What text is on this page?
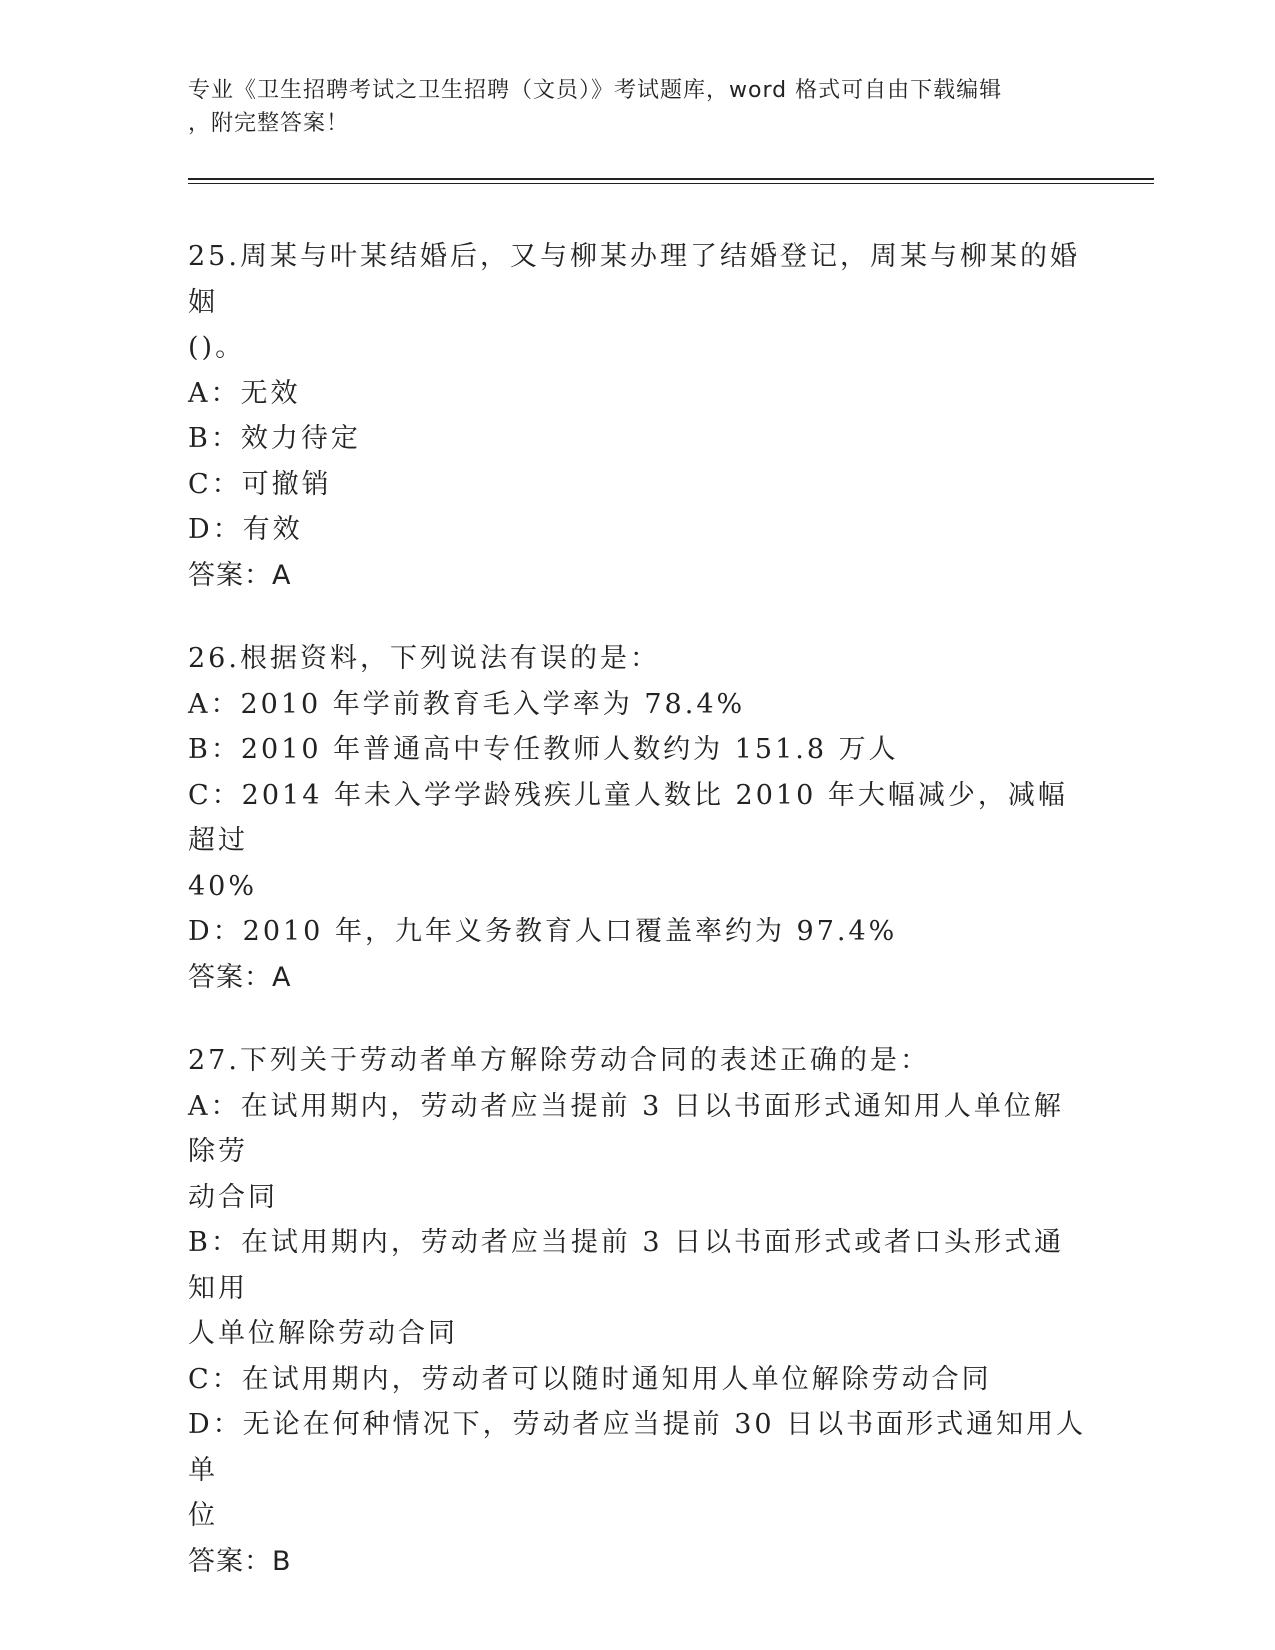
专业《卫生招聘考试之卫生招聘（文员）》考试题库，word 格式可自由下载编辑
，附完整答案！
25.周某与叶某结婚后，又与柳某办理了结婚登记，周某与柳某的婚姻
()。
A：无效
B：效力待定
C：可撤销
D：有效
答案：A
26.根据资料，下列说法有误的是：
A：2010 年学前教育毛入学率为 78.4%
B：2010 年普通高中专任教师人数约为 151.8 万人
C：2014 年未入学学龄残疾儿童人数比 2010 年大幅减少，减幅超过
40%
D：2010 年，九年义务教育人口覆盖率约为 97.4%
答案：A
27.下列关于劳动者单方解除劳动合同的表述正确的是：
A：在试用期内，劳动者应当提前 3 日以书面形式通知用人单位解除劳
动合同
B：在试用期内，劳动者应当提前 3 日以书面形式或者口头形式通知用
人单位解除劳动合同
C：在试用期内，劳动者可以随时通知用人单位解除劳动合同
D：无论在何种情况下，劳动者应当提前 30 日以书面形式通知用人单
位
答案：B
